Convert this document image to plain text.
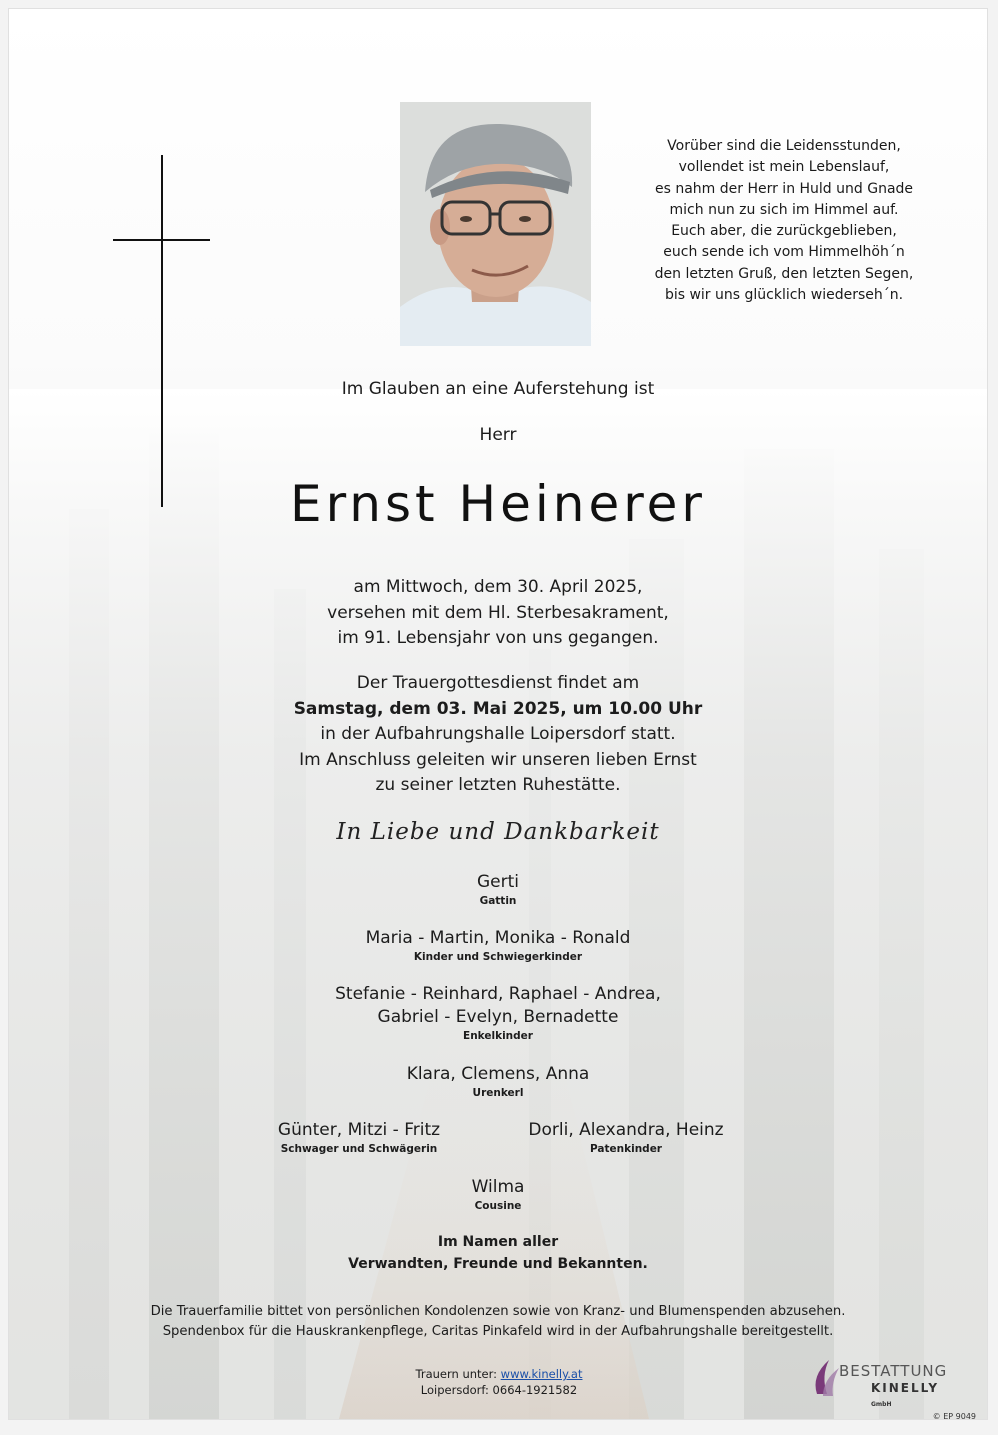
Vorüber sind die Leidensstunden,
vollendet ist mein Lebenslauf,
es nahm der Herr in Huld und Gnade
mich nun zu sich im Himmel auf.
Euch aber, die zurückgeblieben,
euch sende ich vom Himmelhöh´n
den letzten Gruß, den letzten Segen,
bis wir uns glücklich wiederseh´n.
Im Glauben an eine Auferstehung ist
Herr
Ernst Heinerer
am Mittwoch, dem 30. April 2025,
versehen mit dem Hl. Sterbesakrament,
im 91. Lebensjahr von uns gegangen.
Der Trauergottesdienst findet am
Samstag, dem 03. Mai 2025, um 10.00 Uhr
in der Aufbahrungshalle Loipersdorf statt.
Im Anschluss geleiten wir unseren lieben Ernst
zu seiner letzten Ruhestätte.
In Liebe und Dankbarkeit
Gerti
Gattin
Maria - Martin, Monika - Ronald
Kinder und Schwiegerkinder
Stefanie - Reinhard, Raphael - Andrea,
Gabriel - Evelyn, Bernadette
Enkelkinder
Klara, Clemens, Anna
Urenkerl
Günter, Mitzi - Fritz
Schwager und Schwägerin
Dorli, Alexandra, Heinz
Patenkinder
Wilma
Cousine
Im Namen aller
Verwandten, Freunde und Bekannten.
Die Trauerfamilie bittet von persönlichen Kondolenzen sowie von Kranz- und Blumenspenden abzusehen.
Spendenbox für die Hauskrankenpflege, Caritas Pinkafeld wird in der Aufbahrungshalle bereitgestellt.
Trauern unter: www.kinelly.at
Loipersdorf: 0664-1921582
BESTATTUNG
KINELLY GmbH
© EP 9049
